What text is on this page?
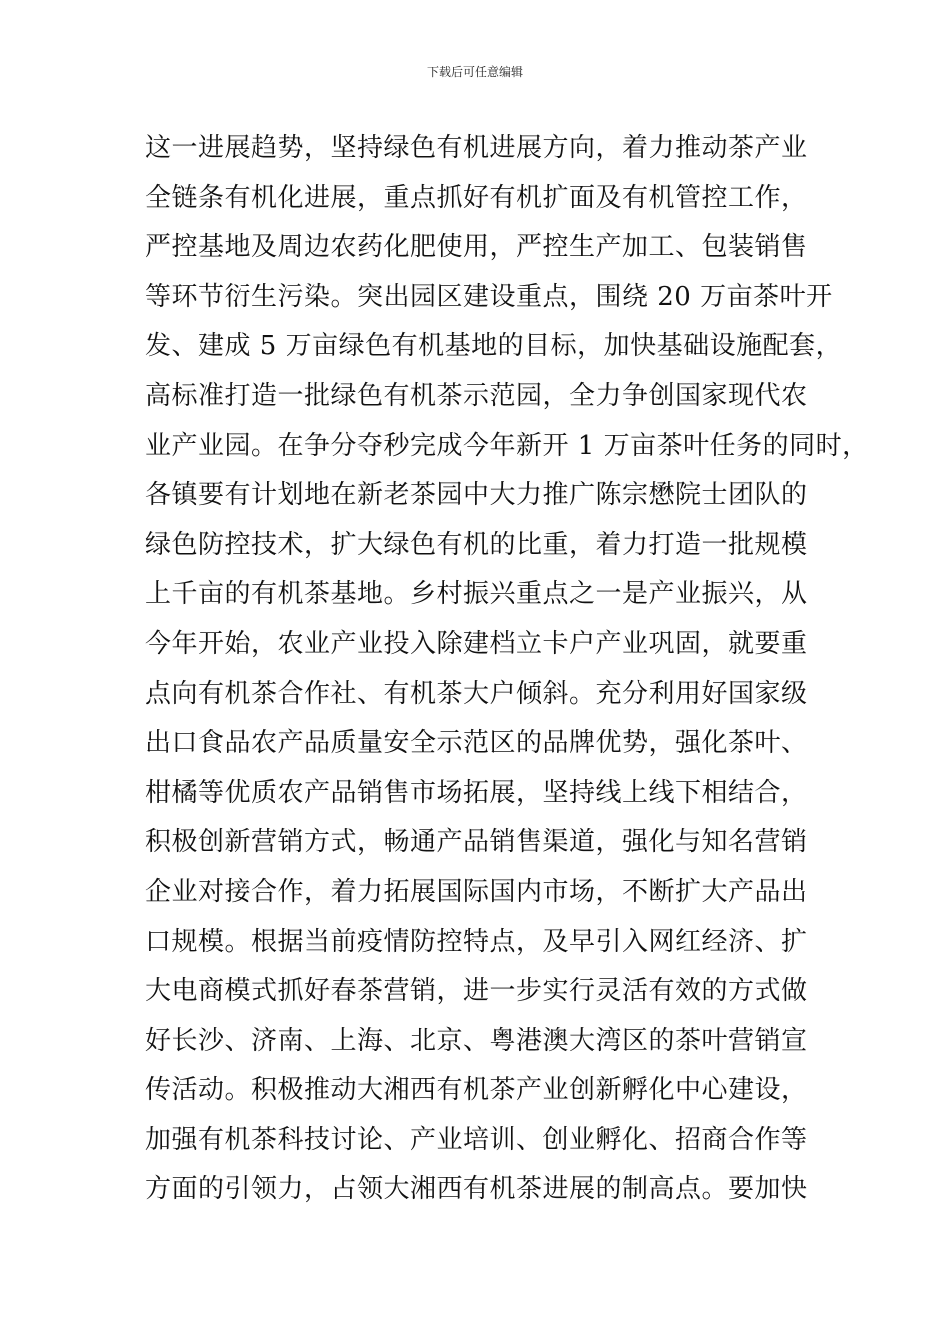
下载后可任意编辑
这一进展趋势，坚持绿色有机进展方向，着力推动茶产业
全链条有机化进展，重点抓好有机扩面及有机管控工作，
严控基地及周边农药化肥使用，严控生产加工、包装销售
等环节衍生污染。突出园区建设重点，围绕 20 万亩茶叶开
发、建成 5 万亩绿色有机基地的目标，加快基础设施配套，
高标准打造一批绿色有机茶示范园，全力争创国家现代农
业产业园。在争分夺秒完成今年新开 1 万亩茶叶任务的同时，
各镇要有计划地在新老茶园中大力推广陈宗懋院士团队的
绿色防控技术，扩大绿色有机的比重，着力打造一批规模
上千亩的有机茶基地。乡村振兴重点之一是产业振兴，从
今年开始，农业产业投入除建档立卡户产业巩固，就要重
点向有机茶合作社、有机茶大户倾斜。充分利用好国家级
出口食品农产品质量安全示范区的品牌优势，强化茶叶、
柑橘等优质农产品销售市场拓展，坚持线上线下相结合，
积极创新营销方式，畅通产品销售渠道，强化与知名营销
企业对接合作，着力拓展国际国内市场，不断扩大产品出
口规模。根据当前疫情防控特点，及早引入网红经济、扩
大电商模式抓好春茶营销，进一步实行灵活有效的方式做
好长沙、济南、上海、北京、粤港澳大湾区的茶叶营销宣
传活动。积极推动大湘西有机茶产业创新孵化中心建设，
加强有机茶科技讨论、产业培训、创业孵化、招商合作等
方面的引领力，占领大湘西有机茶进展的制高点。要加快
